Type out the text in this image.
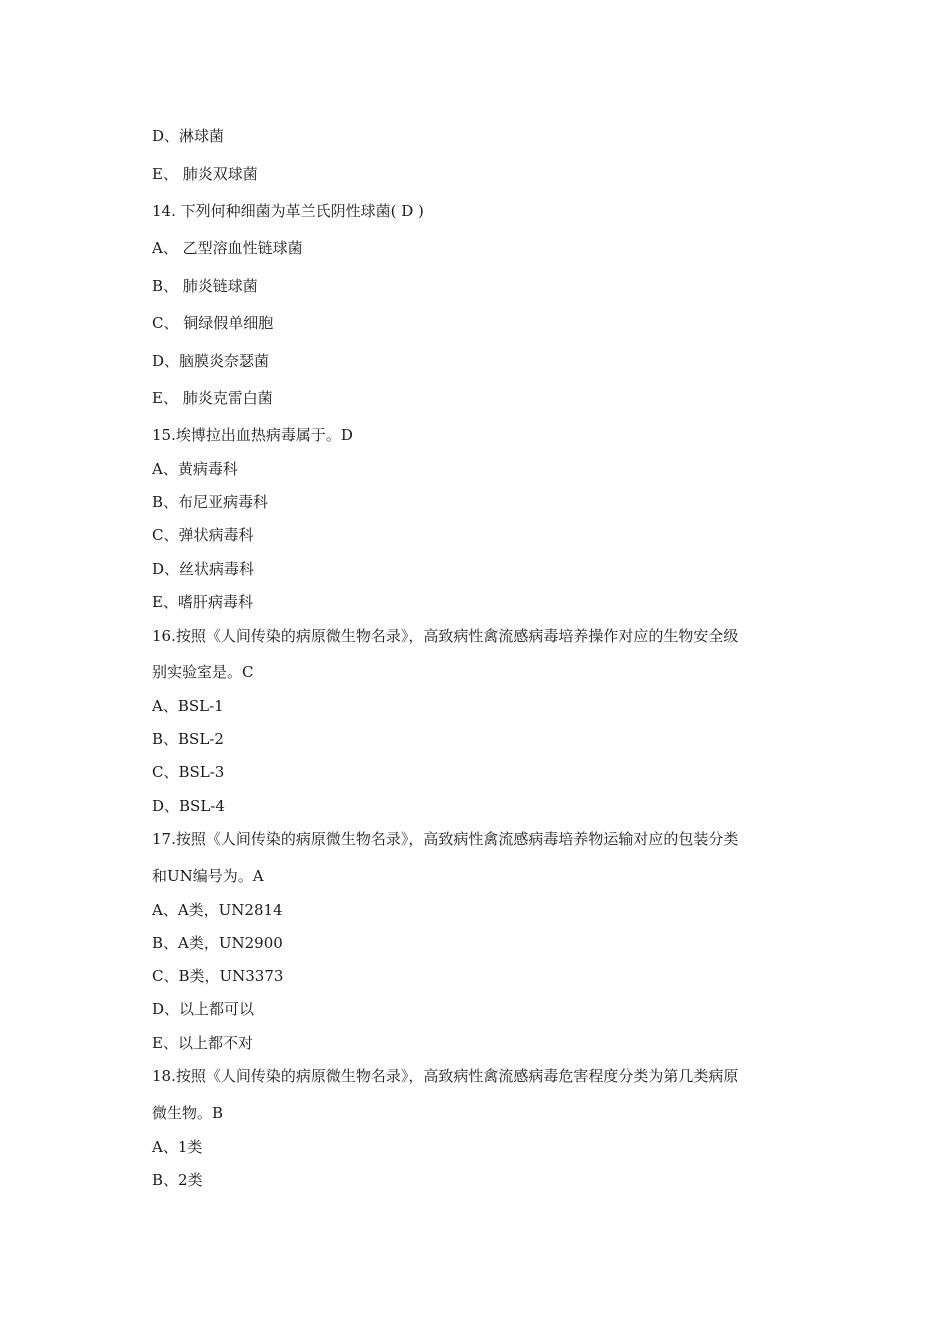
D、淋球菌
E、 肺炎双球菌
14. 下列何种细菌为革兰氏阴性球菌( D )
A、 乙型溶血性链球菌
B、 肺炎链球菌
C、 铜绿假单细胞
D、脑膜炎奈瑟菌
E、 肺炎克雷白菌
15.埃博拉出血热病毒属于。D
A、黄病毒科
B、布尼亚病毒科
C、弹状病毒科
D、丝状病毒科
E、嗜肝病毒科
16.按照《人间传染的病原微生物名录》，高致病性禽流感病毒培养操作对应的生物安全级
别实验室是。C
A、BSL-1
B、BSL-2
C、BSL-3
D、BSL-4
17.按照《人间传染的病原微生物名录》，高致病性禽流感病毒培养物运输对应的包装分类
和UN编号为。A
A、A类，UN2814
B、A类，UN2900
C、B类，UN3373
D、以上都可以
E、以上都不对
18.按照《人间传染的病原微生物名录》，高致病性禽流感病毒危害程度分类为第几类病原
微生物。B
A、1类
B、2类
